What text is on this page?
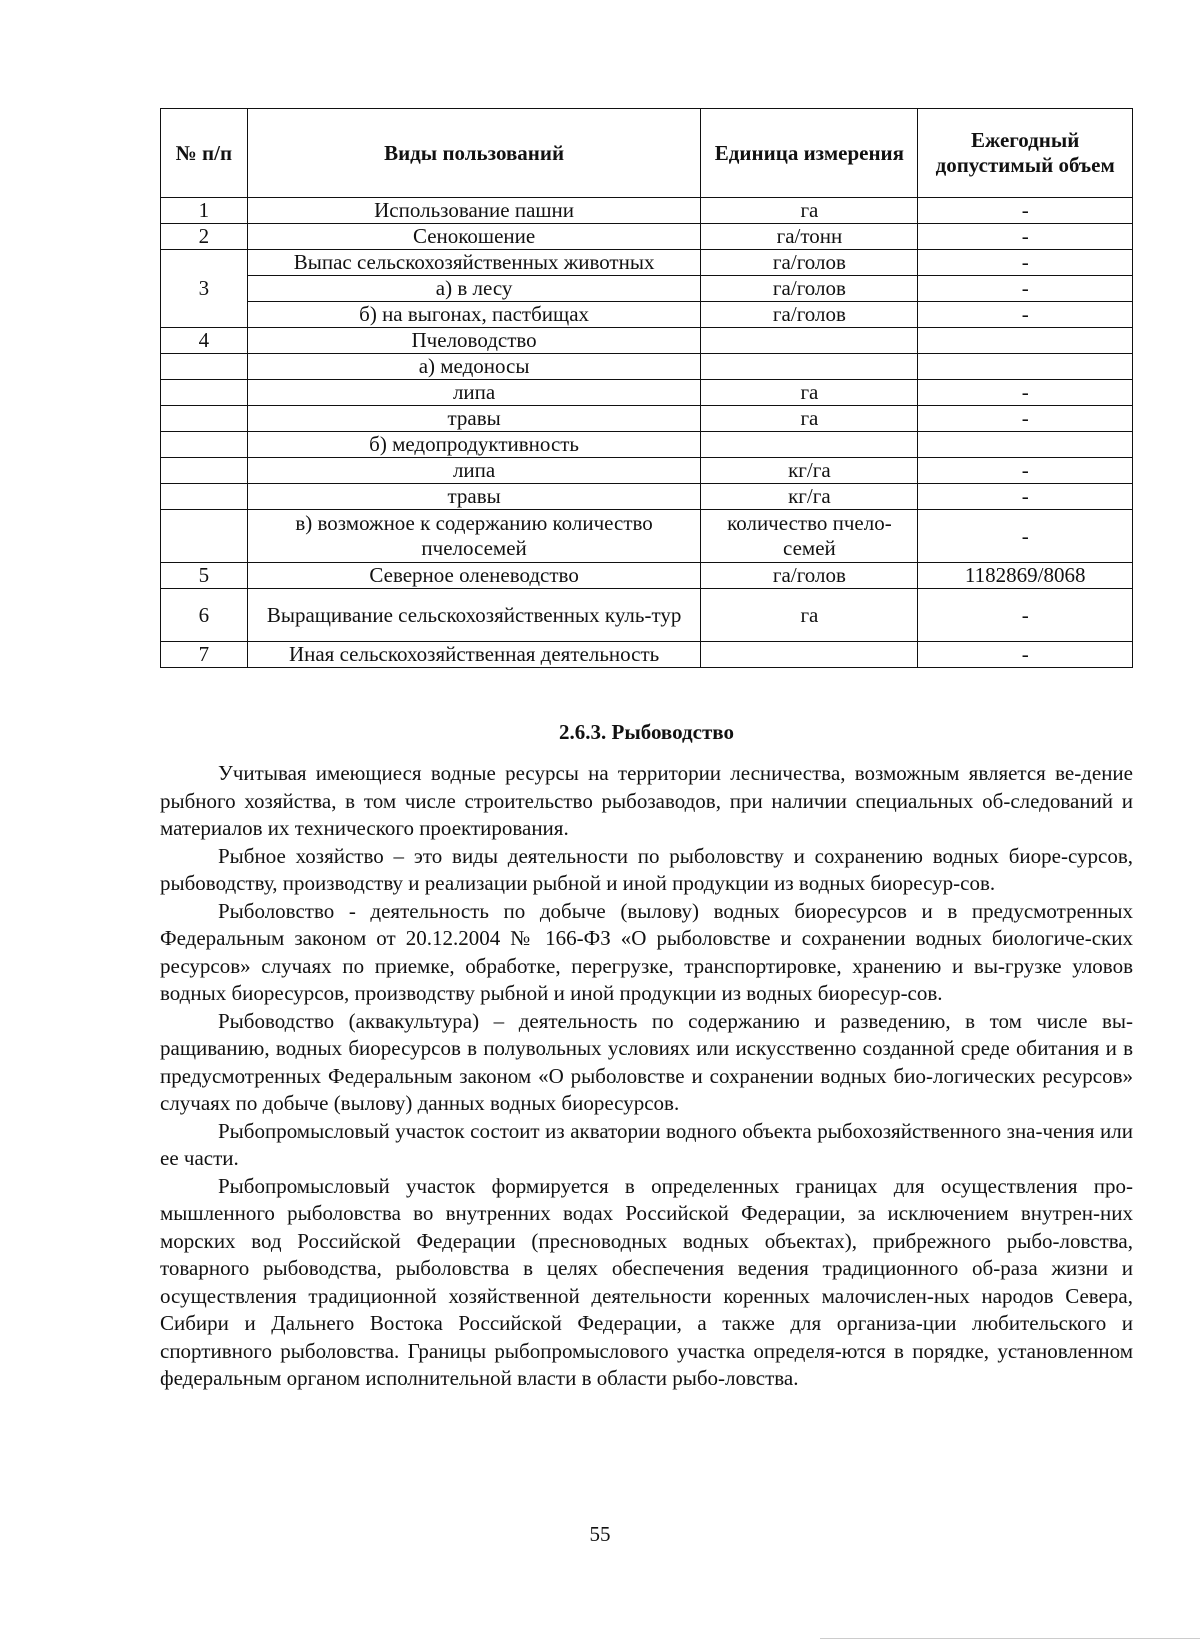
№ п/п	Виды пользований	Единица измерения	Ежегодный допустимый объем
1	Использование пашни	га	-
2	Сенокошение	га/тонн	-
3	Выпас сельскохозяйственных животных	га/голов	-
	а) в лесу	га/голов	-
	б) на выгонах, пастбищах	га/голов	-
4	Пчеловодство		
	а) медоносы		
	липа	га	-
	травы	га	-
	б) медопродуктивность		
	липа	кг/га	-
	травы	кг/га	-
	в) возможное к содержанию количество пчелосемей	количество пчело-семей	-
5	Северное оленеводство	га/голов	1182869/8068
6	Выращивание сельскохозяйственных куль-тур	га	-
7	Иная сельскохозяйственная деятельность		-
2.6.3. Рыбоводство

Учитывая имеющиеся водные ресурсы на территории лесничества, возможным является ве-дение рыбного хозяйства, в том числе строительство рыбозаводов, при наличии специальных об-следований и материалов их технического проектирования.

Рыбное хозяйство – это виды деятельности по рыболовству и сохранению водных биоре-сурсов, рыбоводству, производству и реализации рыбной и иной продукции из водных биоресур-сов.

Рыболовство - деятельность по добыче (вылову) водных биоресурсов и в предусмотренных Федеральным законом от 20.12.2004 № 166-ФЗ «О рыболовстве и сохранении водных биологиче-ских ресурсов» случаях по приемке, обработке, перегрузке, транспортировке, хранению и вы-грузке уловов водных биоресурсов, производству рыбной и иной продукции из водных биоресур-сов.

Рыбоводство (аквакультура) – деятельность по содержанию и разведению, в том числе вы-ращиванию, водных биоресурсов в полувольных условиях или искусственно созданной среде обитания и в предусмотренных Федеральным законом «О рыболовстве и сохранении водных био-логических ресурсов» случаях по добыче (вылову) данных водных биоресурсов.

Рыбопромысловый участок состоит из акватории водного объекта рыбохозяйственного зна-чения или ее части.

Рыбопромысловый участок формируется в определенных границах для осуществления про-мышленного рыболовства во внутренних водах Российской Федерации, за исключением внутрен-них морских вод Российской Федерации (пресноводных водных объектах), прибрежного рыбо-ловства, товарного рыбоводства, рыболовства в целях обеспечения ведения традиционного об-раза жизни и осуществления традиционной хозяйственной деятельности коренных малочислен-ных народов Севера, Сибири и Дальнего Востока Российской Федерации, а также для организа-ции любительского и спортивного рыболовства. Границы рыбопромыслового участка определя-ются в порядке, установленном федеральным органом исполнительной власти в области рыбо-ловства.

55
